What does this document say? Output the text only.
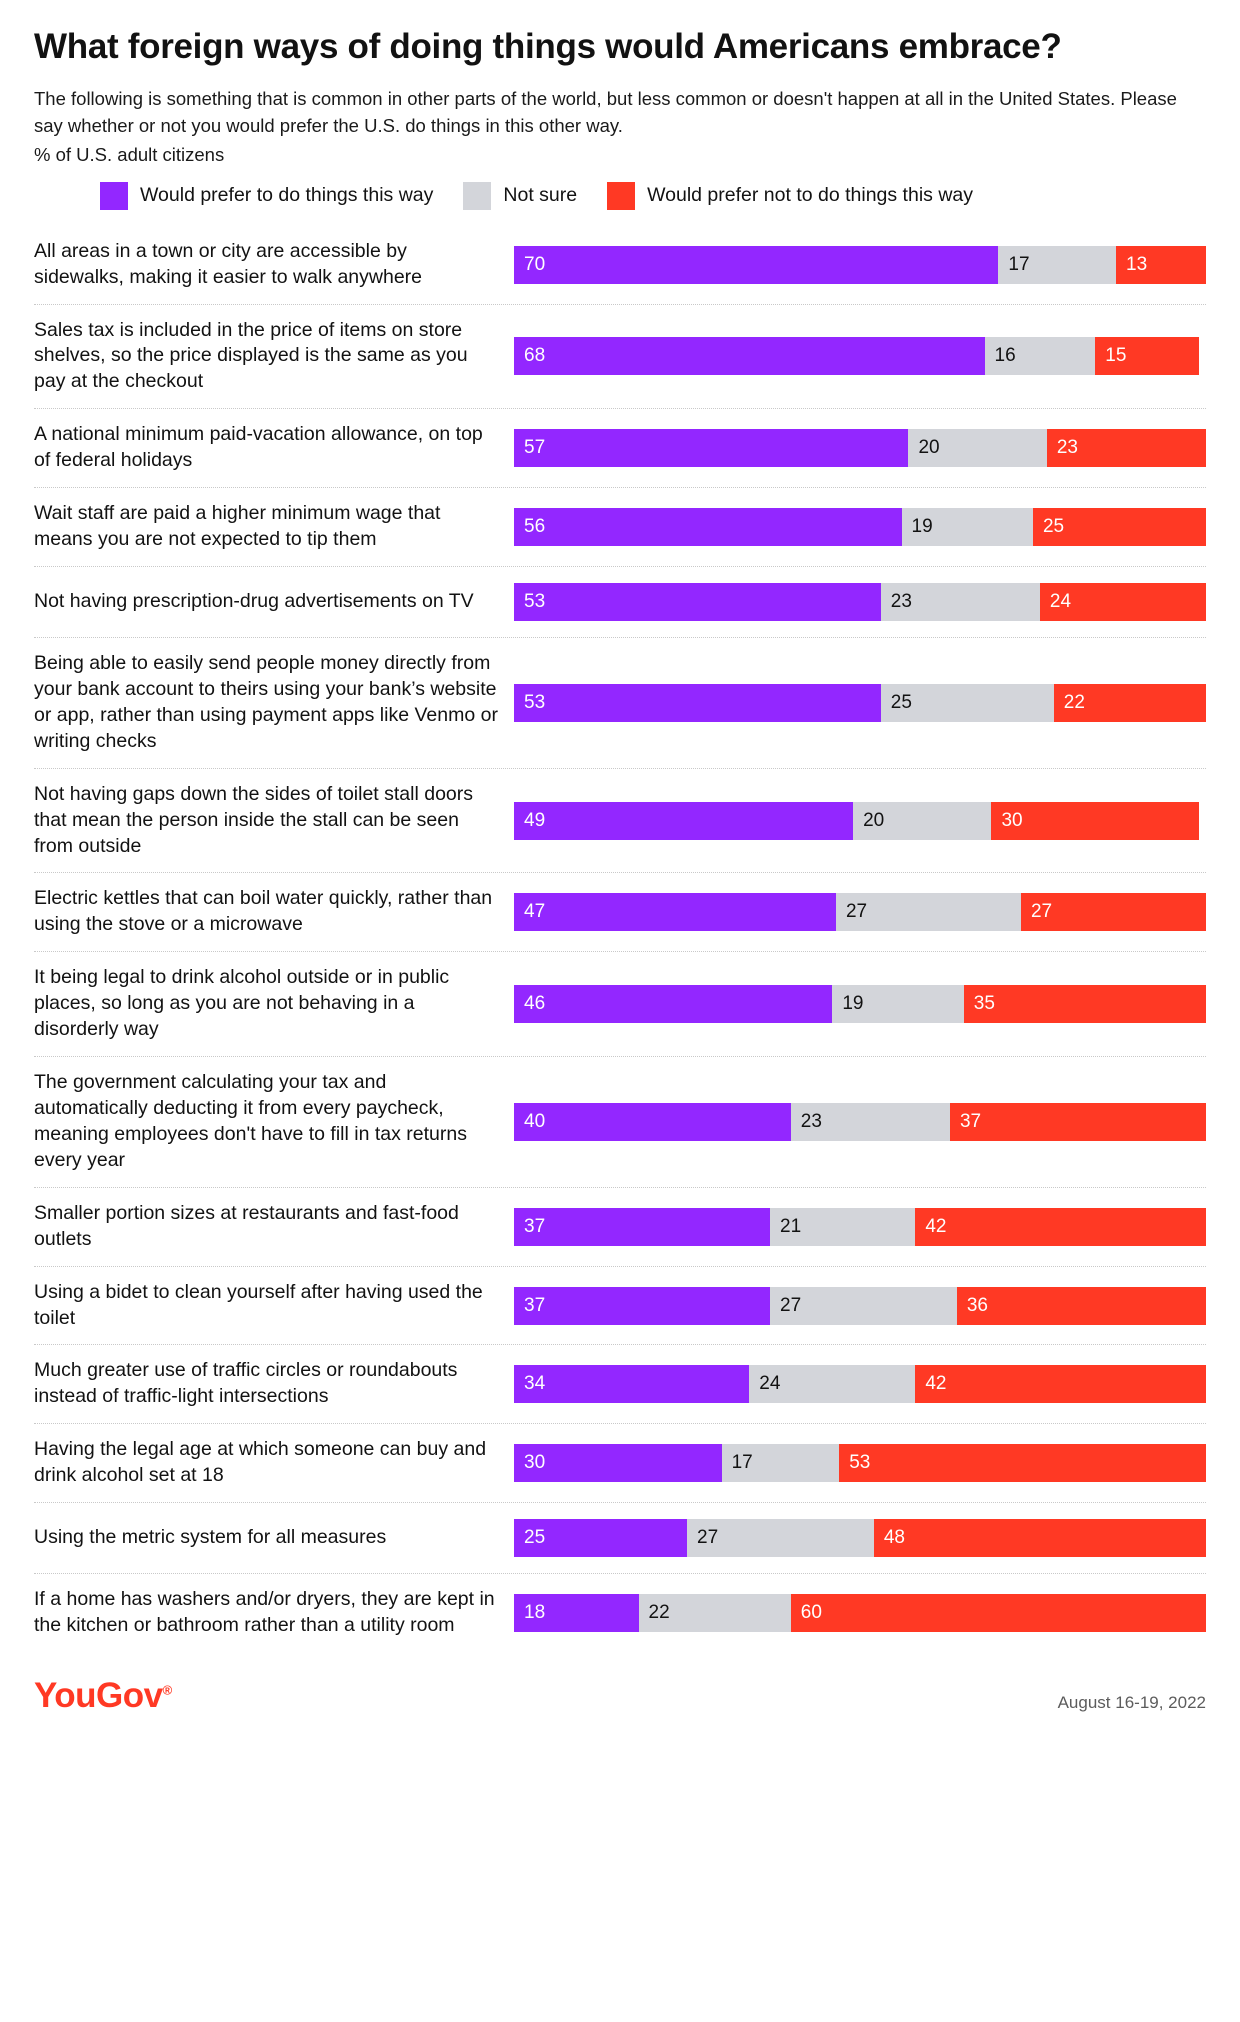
What foreign ways of doing things would Americans embrace?

The following is something that is common in other parts of the world, but less common or doesn't happen at all in the United States. Please say whether or not you would prefer the U.S. do things in this other way.

% of U.S. adult citizens

Would prefer to do things this way	Not sure	Would prefer not to do things this way
All areas in a town or city are accessible by sidewalks, making it easier to walk anywhere
70	17	13
Sales tax is included in the price of items on store shelves, so the price displayed is the same as you pay at the checkout
68	16	15
A national minimum paid-vacation allowance, on top of federal holidays
57	20	23
Wait staff are paid a higher minimum wage that means you are not expected to tip them
56	19	25
Not having prescription-drug advertisements on TV	53	23	24
Being able to easily send people money directly from your bank account to theirs using your bank’s website or app, rather than using payment apps like Venmo or writing checks
53	25	22
Not having gaps down the sides of toilet stall doors that mean the person inside the stall can be seen from outside
49	20	30
Electric kettles that can boil water quickly, rather than using the stove or a microwave
47	27	27
It being legal to drink alcohol outside or in public places, so long as you are not behaving in a disorderly way
46	19	35
The government calculating your tax and automatically deducting it from every paycheck, meaning employees don't have to fill in tax returns every year
40	23	37
Smaller portion sizes at restaurants and fast-food outlets
37	21	42
Using a bidet to clean yourself after having used the toilet
37	27	36
Much greater use of traffic circles or roundabouts instead of traffic-light intersections
34	24	42
Having the legal age at which someone can buy and drink alcohol set at 18
30	17	53
Using the metric system for all measures	25	27	48
If a home has washers and/or dryers, they are kept in the kitchen or bathroom rather than a utility room
18	22	60
YouGov®
August 16-19, 2022
